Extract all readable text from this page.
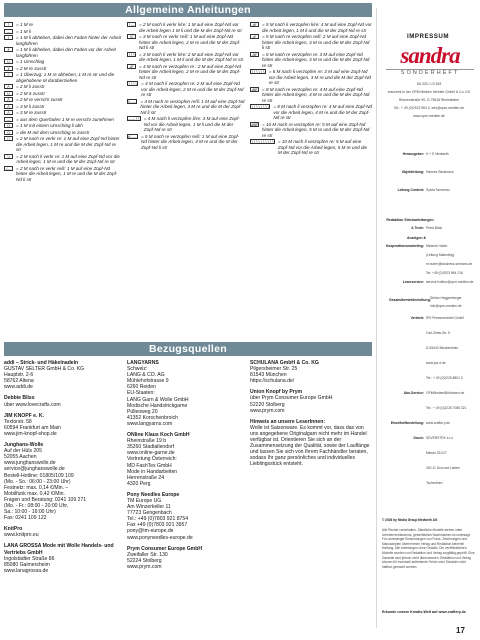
Allgemeine Anleitungen
│	= 1 M re
—	= 1 M li
I	= 1 M li abheben, dabei den Faden hinter der Arbeit langführen
⊼	= 1 M li abheben, dabei den Faden vor der Arbeit langführen
U	= 1 Umschlag
⊻	= 2 M re zusstr
◊	= 1 Überzug: 1 M re abheben, 1 M re str und die abgehobene M darüberziehen
⋀	= 2 M li zusstr
⋁	= 2 M ä zusstr
⋀	= 2 M re verschr zusstr
⋀	= 3 M li zusstr
⋀	= 3 M re zusstr
—	= aus dem Querfaden 1 M re verschr zunehmen
Q	= 1 M mit einem Umschlag li abh
Q	= die M mit dem Umschlag re zusstr
/∖	= 2 M nach re verkr re: 1 M auf eine Zopf-Nd hinter die Arbeit legen, 1 M re und die M der Zopf-Nd re str
∖/	= 2 M nach li verkr re: 1 M auf eine Zopf-Nd vor die Arbeit legen, 1 M re und die M der Zopf-Nd re str
⁄—	= 2 M nach re verkr re/li: 1 M auf eine Zopf-Nd hinter die Arbeit legen, 1 M re und die M der Zopf-Nd li str
∖— = 2 M nach li verkr li/re: 1 M auf eine Zopf-Nd vor die Arbeit legen 1 M li und die M der Zopf-Nd re str
∕∕∕	= 3 M nach re verkr re/li: 1 M auf eine Zopf-Nd hinter die Arbeit legen, 2 M re und die M der Zopf-Nd li str
∖∖∖ = 3 M nach li verkr li/re: 2 M auf eine Zopf-Nd vor die Arbeit legen, 1 M li und die M der Zopf-Nd re str
⁄⁄⁄⁄	= 4 M nach re verzopfen re : 2 M auf eine Zopf-Nd hinter die Arbeit legen, 2 M re und die M der Zopf-Nd re str
∖∖∖∖ = 4 M nach li verzopfen re: 2 M auf eine Zopf-Nd vor die Arbeit legen, 2 M re und die M der Zopf-Nd re str
⁄⁄—— = 4 M nach re verzopfen re/li: 1 M auf eine Zopf-Nd hinter die Arbeit legen, 3 M re und die M der Zopf-Nd li str
——∖∖ = 4 M nach li verzopfen li/re: 3 M auf eine Zopf-Nd vor die Arbeit legen, 1 M li und die M der Zopf-Nd re str
⁄⁄⁄—— = 5 M nach re verzopfen re/li: 1 M auf eine Zopf-Nd hinter die Arbeit legen, 4 M re und die M der Zopf-Nd li str
⁄⁄⁄⁄⁄	= 5 M nach li verzopfen li/re: 4 M auf eine Zopf-Nd vor die Arbeit legen, 1 M li und die M der Zopf-Nd re str
⁄⁄⁄⁄	= 5 M nach re verzopfen re/li: 2 M auf eine Zopf-Nd hinter die Arbeit legen, 3 M re und die M der Zopf-Nd li str
⁄⁄⁄⁄⁄⁄	= 6 M nach re verzopfen re: 3 M auf eine Zopf-Nd hinter die Arbeit legen, 3 M re und die M der Zopf-Nd re str
∖∖∖∖∖∖ = 6 M nach li verzopfen re: 3 M auf eine Zopf-Nd vor die Arbeit legen, 3 M re und die M der Zopf-Nd re str
⁄⁄⁄⁄⁄⁄⁄⁄	= 8 M nach re verzopfen re: 4 M auf eine Zopf-Nd hinter die Arbeit legen, 4 M re und die M der Zopf-Nd re str
∖∖∖∖∖∖∖∖ = 8 M nach li verzopfen re: 4 M auf eine Zopf-Nd vor die Arbeit legen, 4 M re und die M der Zopf-Nd re str
⁄⁄⁄⁄⁄⁄⁄⁄⁄⁄ = 10 M nach re verzopfen re: 5 M auf eine Zopf-Nd hinter die Arbeit legen, 5 M re und die M der Zopf-Nd re str
∖∖∖∖∖∖∖∖∖∖ = 10 M nach li verzopfen re: 5 M auf eine Zopf-Nd vor die Arbeit legen, 5 M re und die M der Zopf-Nd re str
Bezugsquellen
addi – Strick- und Häkelnadeln
GUSTAV SELTER GmbH & Co. KG
Hauptstr. 2-6
58762 Altena
www.addi.de
Debbie Bliss
über www.lovecrafts.com
JIM KNOPF e. K.
Textorstr. 58
60594 Frankfurt am Main
www.jim-knopf-shop.de
Junghans-Wolle
Auf der Hüls 205
52055 Aachen
www.junghanswolle.de
service@junghanswolle.de
Bestell-Hotline: 01805/109 109
(Mo. - So.: 06:00 - 23:00 Uhr)
Festnetz: max. 0,14 €/Min. –
Mobilfunk max. 0,42 €/Min.
Fragen und Beratung: 0241 109 271
(Mo. - Fr.: 08:00 - 20:00 Uhr,
Sa.: 10:00 - 16:00 Uhr)
Fax: 0241 109 122
KnitPro
www.knitpro.eu
LANA GROSSA Mode mit Wolle Handels- und Vertriebs GmbH
Ingolstädter Straße 86
85080 Gaimersheim
www.lanagrossa.de
LANGYARNS
Schweiz:
LANG & CO. AG
Mühlehofstrasse 9
6260 Reiden
EU-Staaten:
LANG Garn & Wolle GmbH
Modische Handstrickgarne
Püllenweg 20
41352 Korschenbroich
www.langyarns.com
ONline Klaus Koch GmbH
Rheinstraße 19 b
35260 Stadtallendorf
www.online-garne.de
Vertretung Österreich:
MD FashTex GmbH
Mode in Handarbeiten
Herrenstraße 24
4320 Perg
Pony Needles Europe
TM Europe UG
Am Winzerkeller 11
77723 Gengenbach
Tel.: +49 (0)7803 921 8754
Fax +49 (0)7803 921 3957
pony@tm-europe.de
www.ponyneedles-europe.de
Prym Consumer Europe GmbH
Zweifaller Str. 130
52224 Stolberg
www.prym.com
SCHULANA GmbH & Co. KG
Pilgersheimer Str. 25
81543 München
https://schulana.de/
Union Knopf by Prym
über Prym Consumer Europe GmbH
52220 Stolberg
www.prym.com
Hinweis an unsere LeserInnen:
Wolle ist Saisonware. Es kommt vor, dass das von uns angegebene Originalgarn nicht mehr im Handel verfügbar ist. Orientieren Sie sich an der Zusammensetzung der Qualität, sowie der Lauflänge und lassen Sie sich von Ihrem Fachhändler beraten, sodass Ihr ganz persönliches und individuelles Lieblingsstück entsteht.
IMPRESSUM
sandra
SONDERHEFT
SA 333 / LS 533
erscheint in der OPM Medien Vertrieb GmbH & Co. KG
Rönnenstraße 90, D-79618 Rheinfelden
Tel.: + 49 (0)7623 964 0, info@opm-medien.de
www.opm-medien.de
Herausgeber: H + E Medweth
Objektleitung: Hannes Stickmann
Leitung Content: Sylvia Tannenwi
Redaktion Strickanleitungen
& Texte: Petra Bäck
Anzeigen &
Kooperationsmarketing: Melanie Huber
(Leitung Marketing)
m.huber@business-services.de
Tel. +49 (0)7623 964 216
Leserservice: service.hotline@opm-medien.de
Gesamtherstellenleitung: Stefan Heggenberger
info@opm-medien.de
Vertrieb: IPS Pressevertrieb GmbH
Carl-Zeiss-Str. 5
D-53340 Meckenheim
www.ips-d.de
Tel.: + 49 (0)2225 8801 0
Abo-Service: OPMMedienBild/ebsen.de
Tel.: + 49 (0)2225 7085 321
Einzelheftbestellung: www.crafter.y.de
Druck: SEVERSTEK s.r.o.
Miesto 321/27
400 11 Ústí nad Labem
Tschechien
© 2026 by Media Group Medweth AG
Alle Rechte vorbehalten. Sämtliche Modelle stehen unter Urheberrechtsschutz, gewerbliches Nachmachen ist untersagt. Für unverlangte Einsendungen von Fotos, Zeichnungen und Manuskripten übernehmen Verlag und Redaktion keinerlei Haftung. Alle Anleitungen ohne Gewähr. Die veröffentlichten Modelle wurden von Redaktion und Verlag sorgfältig geprüft. Eine Garantie wird jedoch nicht übernommen. Redaktion und Verlag können für eventuell auftretende Fehler oder Schäden nicht haftbar gemacht werden.
Erkunde unsere Kreativ-Welt auf www.craftery.de
17
